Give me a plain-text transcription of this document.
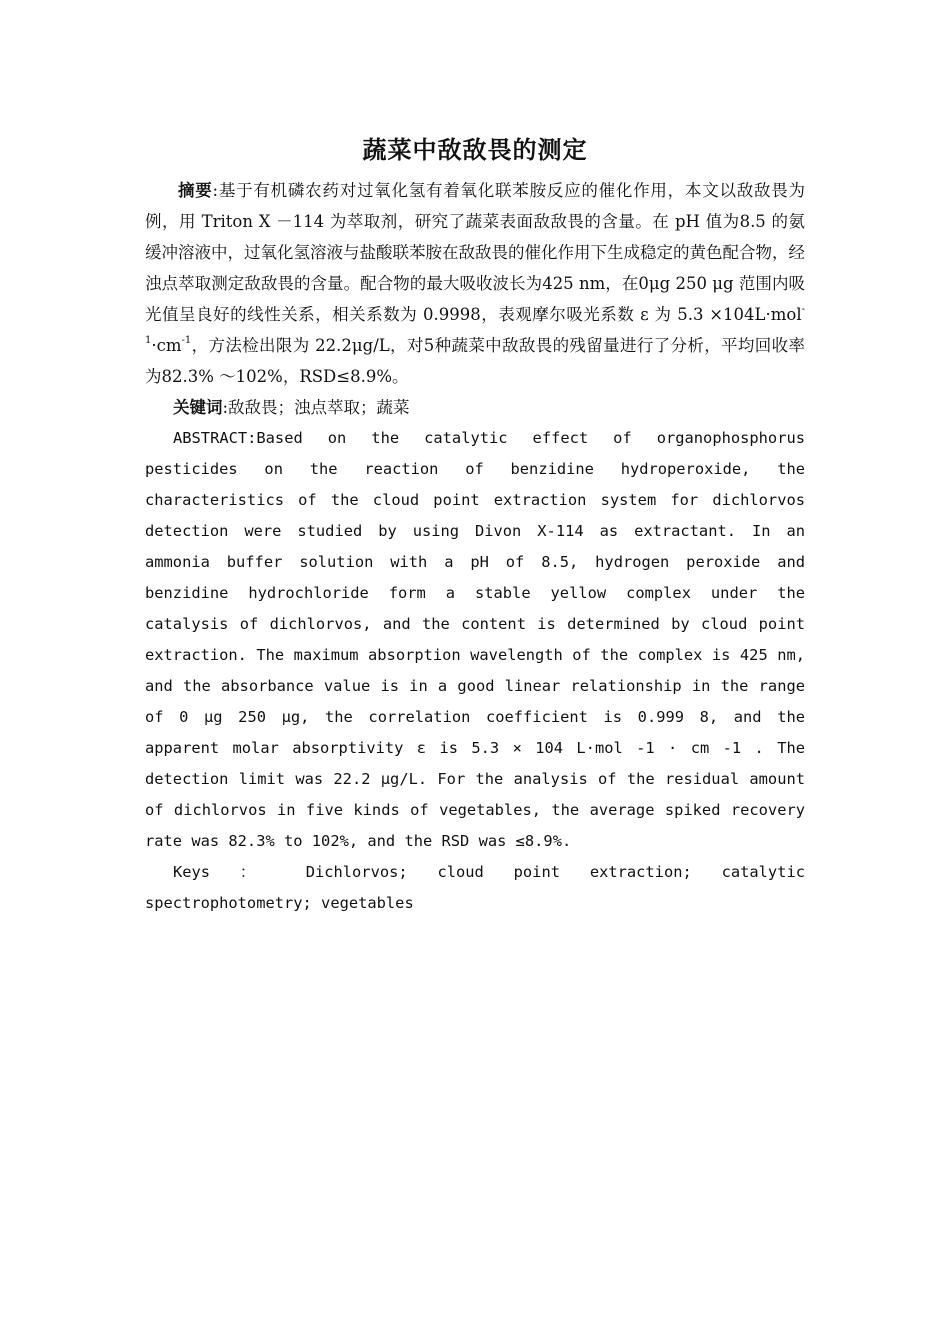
蔬菜中敌敌畏的测定

摘要:基于有机磷农药对过氧化氢有着氧化联苯胺反应的催化作用，本文以敌敌畏为例，用 Triton X －114 为萃取剂，研究了蔬菜表面敌敌畏的含量。在 pH 值为8.5 的氨缓冲溶液中，过氧化氢溶液与盐酸联苯胺在敌敌畏的催化作用下生成稳定的黄色配合物，经浊点萃取测定敌敌畏的含量。配合物的最大吸收波长为425 nm，在0μg 250 μg 范围内吸光值呈良好的线性关系，相关系数为 0.9998，表观摩尔吸光系数 ε 为 $5.3 \times 104L\cdot mol^{-1}\cdot cm^{-1}$，方法检出限为 22.2μg/L，对5种蔬菜中敌敌畏的残留量进行了分析，平均回收率为82.3% ～102%，RSD≤8.9%。

关键词:敌敌畏；浊点萃取；蔬菜

ABSTRACT:Based on the catalytic effect of organophosphorus pesticides on the reaction of benzidine hydroperoxide, the characteristics of the cloud point extraction system for dichlorvos detection were studied by using Divon X-114 as extractant. In an ammonia buffer solution with a pH of 8.5, hydrogen peroxide and benzidine hydrochloride form a stable yellow complex under the catalysis of dichlorvos, and the content is determined by cloud point extraction. The maximum absorption wavelength of the complex is 425 nm, and the absorbance value is in a good linear relationship in the range of 0 μg 250 μg, the correlation coefficient is 0.999 8, and the apparent molar absorptivity ε is 5.3 × 104 L·mol -1 · cm -1 . The detection limit was 22.2 μg/L. For the analysis of the residual amount of dichlorvos in five kinds of vegetables, the average spiked recovery rate was 82.3% to 102%, and the RSD was ≤8.9%.

Keys ： Dichlorvos; cloud point extraction; catalytic spectrophotometry; vegetables
